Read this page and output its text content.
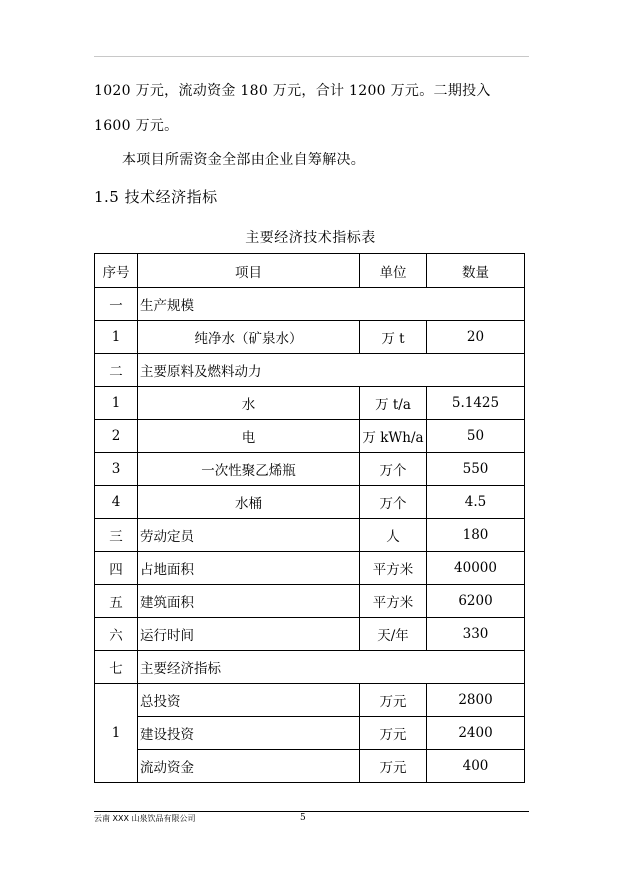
1020 万元，流动资金 180 万元，合计 1200 万元。二期投入
1600 万元。
本项目所需资金全部由企业自筹解决。
1.5 技术经济指标
主要经济技术指标表
序号	项目	单位	数量
一	生产规模		
1	纯净水（矿泉水）	万 t	20
二	主要原料及燃料动力		
1	水	万 t/a	5.1425
2	电	万 kWh/a	50
3	一次性聚乙烯瓶	万个	550
4	水桶	万个	4.5
三	劳动定员	人	180
四	占地面积	平方米	40000
五	建筑面积	平方米	6200
六	运行时间	天/年	330
七	主要经济指标		
1	总投资	万元	2800
	建设投资	万元	2400
	流动资金	万元	400
云南 XXX 山泉饮品有限公司	5
